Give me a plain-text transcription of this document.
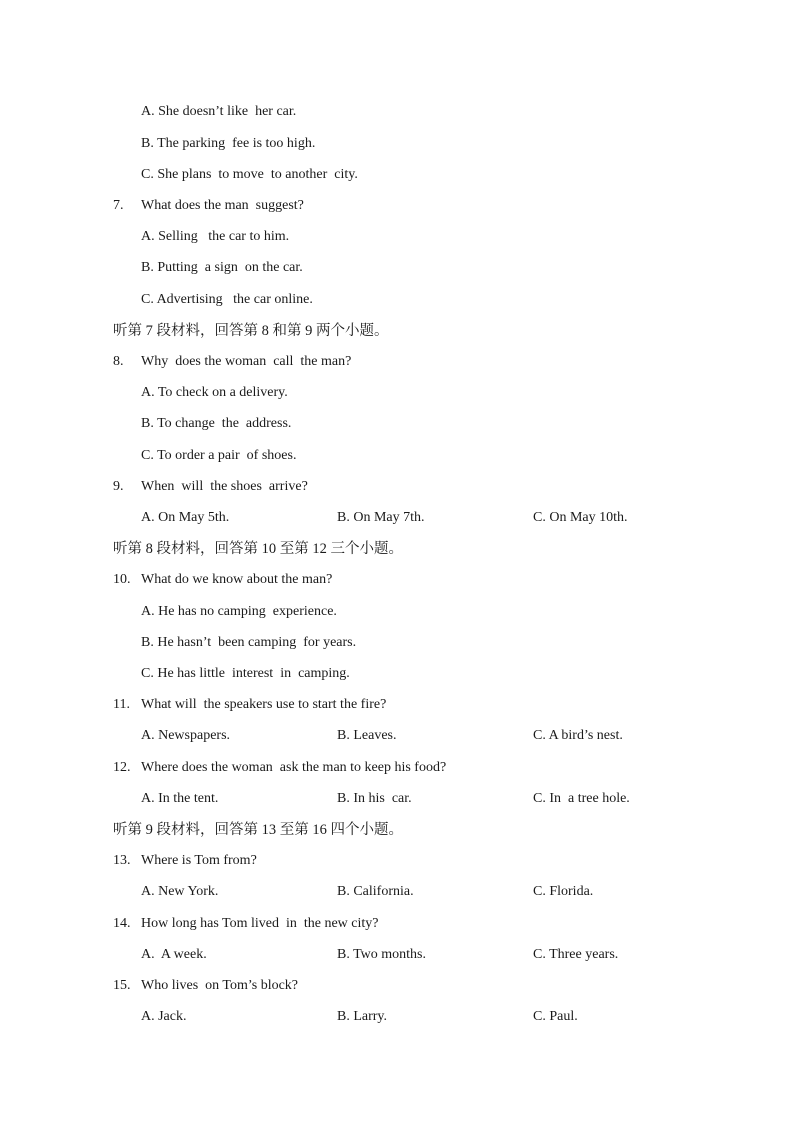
A. She doesn’t like  her car.
B. The parking  fee is too high.
C. She plans  to move  to another  city.
7. What does the man  suggest?
A. Selling   the car to him.
B. Putting  a sign  on the car.
C. Advertising   the car online.
听第 7 段材料，回答第 8 和第 9 两个小题。
8. Why  does the woman  call  the man?
A. To check on a delivery.
B. To change  the  address.
C. To order a pair  of shoes.
9. When  will  the shoes  arrive?
A. On May 5th.	B. On May 7th.	C. On May 10th.
听第 8 段材料，回答第 10 至第 12 三个小题。
10. What do we know about the man?
A. He has no camping  experience.
B. He hasn’t  been camping  for years.
C. He has little  interest  in  camping.
11. What will  the speakers use to start the fire?
A. Newspapers.	B. Leaves.	C. A bird’s nest.
12. Where does the woman  ask the man to keep his food?
A. In the tent.	B. In his  car.	C. In  a tree hole.
听第 9 段材料，回答第 13 至第 16 四个小题。
13. Where is Tom from?
A. New York.	B. California.	C. Florida.
14. How long has Tom lived  in  the new city?
A.  A week.	B. Two months.	C. Three years.
15. Who lives  on Tom’s block?
A. Jack.	B. Larry.	C. Paul.
